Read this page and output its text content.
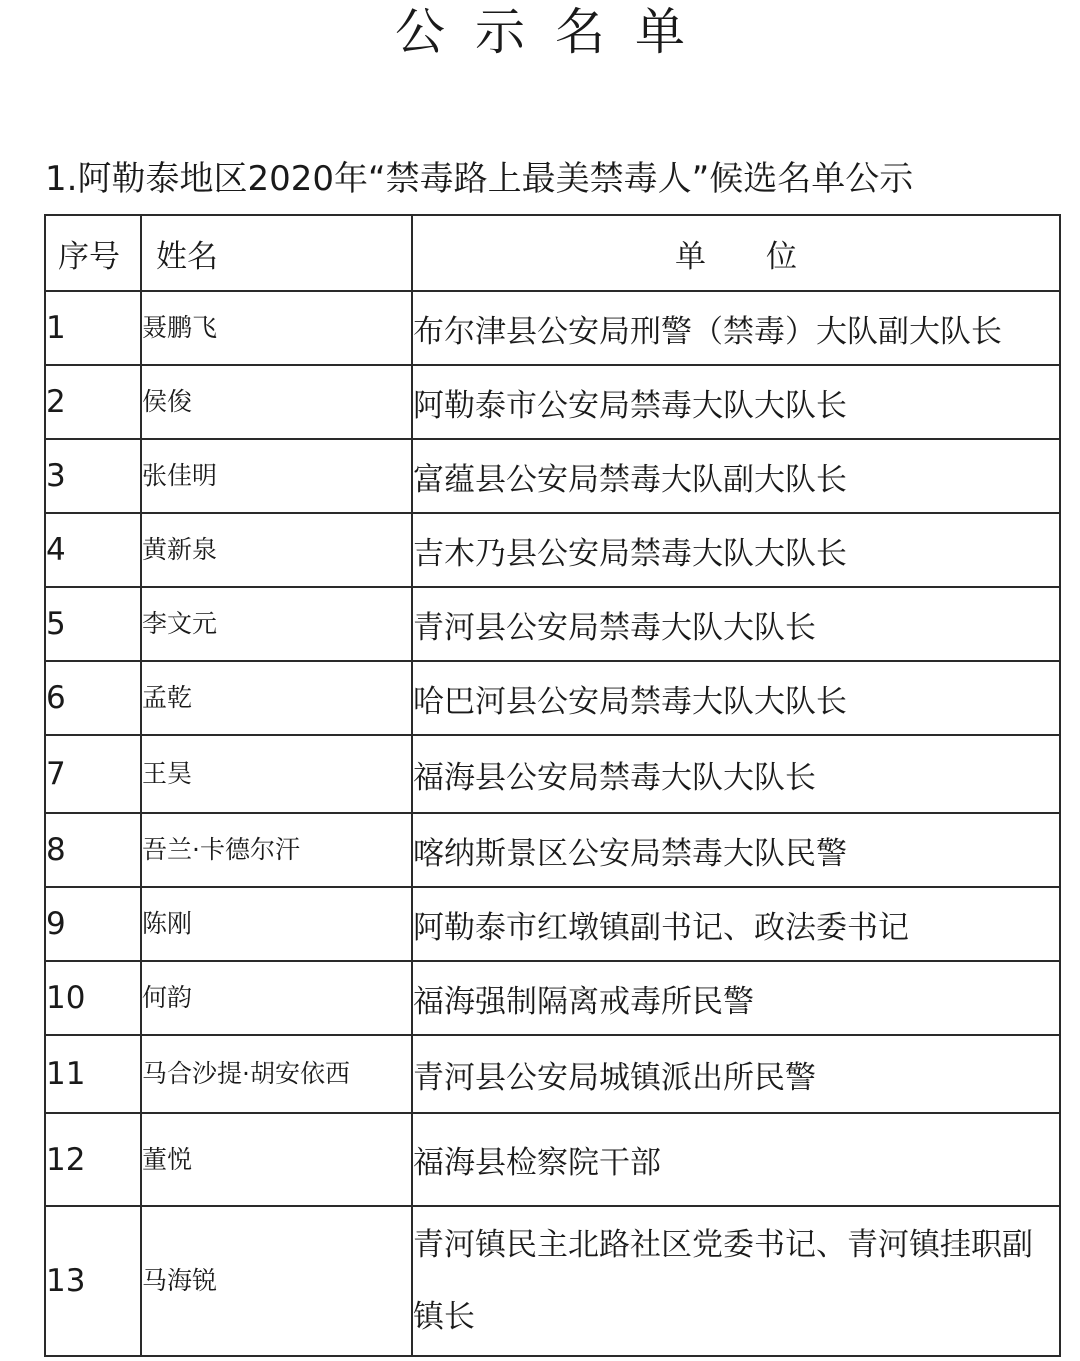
公示名单
1.阿勒泰地区2020年“禁毒路上最美禁毒人”候选名单公示
序号	姓名	单位
1	聂鹏飞	布尔津县公安局刑警（禁毒）大队副大队长
2	侯俊	阿勒泰市公安局禁毒大队大队长
3	张佳明	富蕴县公安局禁毒大队副大队长
4	黄新泉	吉木乃县公安局禁毒大队大队长
5	李文元	青河县公安局禁毒大队大队长
6	孟乾	哈巴河县公安局禁毒大队大队长
7	王昊	福海县公安局禁毒大队大队长
8	吾兰·卡德尔汗	喀纳斯景区公安局禁毒大队民警
9	陈刚	阿勒泰市红墩镇副书记、政法委书记
10	何韵	福海强制隔离戒毒所民警
11	马合沙提·胡安依西	青河县公安局城镇派出所民警
12	董悦	福海县检察院干部
13	马海锐	青河镇民主北路社区党委书记、青河镇挂职副镇长
